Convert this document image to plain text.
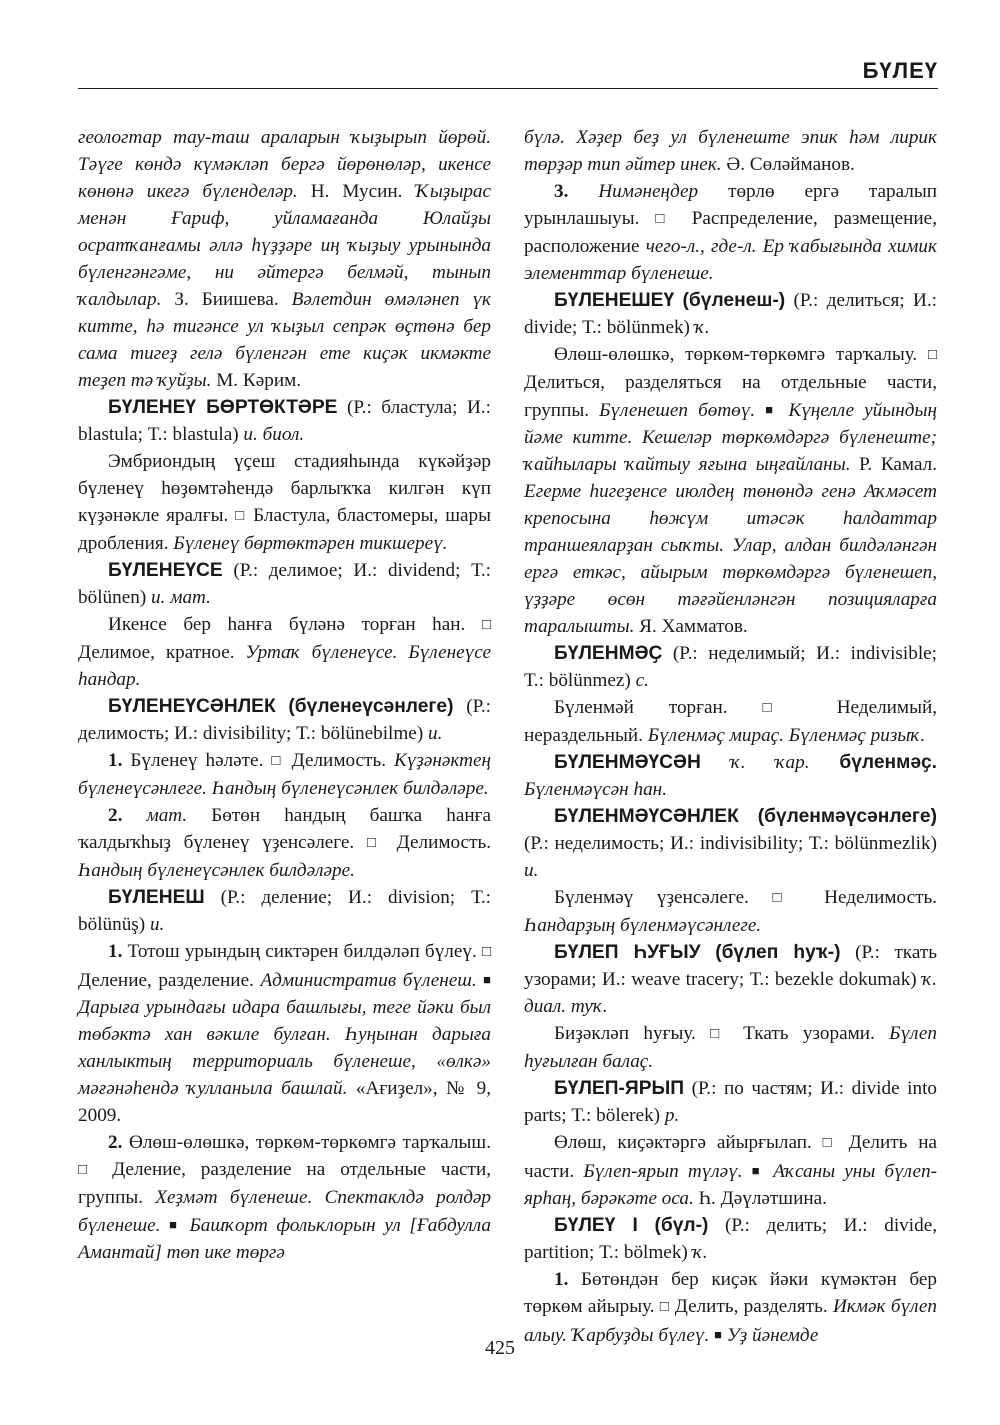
БҮЛЕҮ

геологтар тау-таш араларын ҡыҙырып йөрөй. Тәүге көндә күмәкләп бергә йөрөнөләр, икенсе көнөнә икегә бүленделәр. Н. Мусин. Ҡыҙырас менән Ғариф, уйламағанда Юлайҙы осратҡанғамы әллә һүҙҙәре иң ҡыҙыу урынында бүленгәнгәме, ни әйтергә белмәй, тынып ҡалдылар. З. Биишева. Вәлетдин өмәләнеп үк китте, һә тигәнсе ул ҡыҙыл сепрәк өҫтөнә бер сама тигеҙ гелә бүленгән ете киҫәк икмәкте теҙеп тә ҡуйҙы. М. Кәрим.

БҮЛЕНЕҮ БӨРТӨКТӘРЕ (Р.: бластула; И.: blastula; Т.: blastula) и. биол.

Эмбриондың үҫеш стадияһында күкәйҙәр бүленеү һөҙөмтәһендә барлыҡҡа килгән күп күҙәнәкле яралғы. □ Бластула, бластомеры, шары дробления. Бүленеү бөртөктәрен тикшереү.

БҮЛЕНЕҮСЕ (Р.: делимое; И.: dividend; Т.: bölünen) и. мат.

Икенсе бер һанға бүләнә торған һан. □ Делимое, кратное. Уртаҡ бүленеүсе. Бүленеүсе һандар.

БҮЛЕНЕҮСӘНЛЕК (бүленеүсәнлеге) (Р.: делимость; И.: divisibility; Т.: bölünebilme) и.

1. Бүленеү һәләте. □ Делимость. Күҙәнәктең бүленеүсәнлеге. Һандың бүленеүсәнлек билдәләре.

2. мат. Бөтөн һандың башҡа һанға ҡалдыҡһыҙ бүленеү үҙенсәлеге. □ Делимость. Һандың бүленеүсәнлек билдәләре.

БҮЛЕНЕШ (Р.: деление; И.: division; Т.: bölünüş) и.

1. Тотош урындың сиктәрен билдәләп бүлеү. □ Деление, разделение. Административ бүленеш. ■ Дарыға урындағы идара башлығы, теге йәки был төбәктә хан вәкиле булған. Һуңынан дарыға ханлыктың территориаль бүленеше, «өлкә» мәғәнәһендә ҡулланыла башлай. «Ағиҙел», № 9, 2009.

2. Өлөш-өлөшкә, төркөм-төркөмгә тарҡалыш. □ Деление, разделение на отдельные части, группы. Хеҙмәт бүленеше. Спектаклдә ролдәр бүленеше. ■ Башҡорт фольклорын ул [Ғабдулла Амантай] төп ике төргә

бүлә. Хәҙер беҙ ул бүленеште эпик һәм лирик төрҙәр тип әйтер инек. Ә. Сөләйманов.

3. Нимәнеңдер төрлө ергә таралып урынлашыуы. □ Распределение, размещение, расположение чего-л., где-л. Ер ҡабығында химик элементтар бүленеше.

БҮЛЕНЕШЕҮ (бүленеш-) (Р.: делиться; И.: divide; Т.: bölünmek) ҡ.

Өлөш-өлөшкә, төркөм-төркөмгә тарҡалыу. □ Делиться, разделяться на отдельные части, группы. Бүленешеп бөтөү. ■ Күңелле уйындың йәме китте. Кешеләр төркөмдәргә бүленеште; ҡайһылары ҡайтыу яғына ыңғайланы. Р. Камал. Егерме һигеҙенсе июлдең төнөндә генә Аҡмәсет крепосына һөжүм итәсәк һалдаттар траншеяларҙан сыҡты. Улар, алдан билдәләнгән ергә еткәс, айырым төркөмдәргә бүленешеп, үҙҙәре өсөн тәғәйенләнгән позицияларға таралышты. Я. Хамматов.

БҮЛЕНМӘҪ (Р.: неделимый; И.: indivisible; Т.: bölünmez) с.

Бүленмәй торған. □ Неделимый, нераздельный. Бүленмәҫ мираҫ. Бүленмәҫ ризыҡ.

БҮЛЕНМӘҮСӘН ҡ. ҡар. бүленмәҫ. Бүленмәүсән һан.

БҮЛЕНМӘҮСӘНЛЕК (бүленмәүсәнлеге) (Р.: неделимость; И.: indivisibility; Т.: bölünmezlik) и.

Бүленмәү үҙенсәлеге. □ Неделимость. Һандарҙың бүленмәүсәнлеге.

БҮЛЕП ҺУҒЫУ (бүлеп һуҡ-) (Р.: ткать узорами; И.: weave tracery; Т.: bezekle dokumak) ҡ. диал. туҡ.

Биҙәкләп һуғыу. □ Ткать узорами. Бүлеп һуғылған балаҫ.

БҮЛЕП-ЯРЫП (Р.: по частям; И.: divide into parts; Т.: bölerek) р.

Өлөш, киҫәктәргә айырғылап. □ Делить на части. Бүлеп-ярып түләү. ■ Аҡсаны уны бүлеп-ярһаң, бәрәкәте оса. Һ. Дәүләтшина.

БҮЛЕҮ I (бүл-) (Р.: делить; И.: divide, partition; Т.: bölmek) ҡ.

1. Бөтөндән бер киҫәк йәки күмәктән бер төркөм айырыу. □ Делить, разделять. Икмәк бүлеп алыу. Ҡарбуҙды бүлеү. ■ Уҙ йәнемде

425
